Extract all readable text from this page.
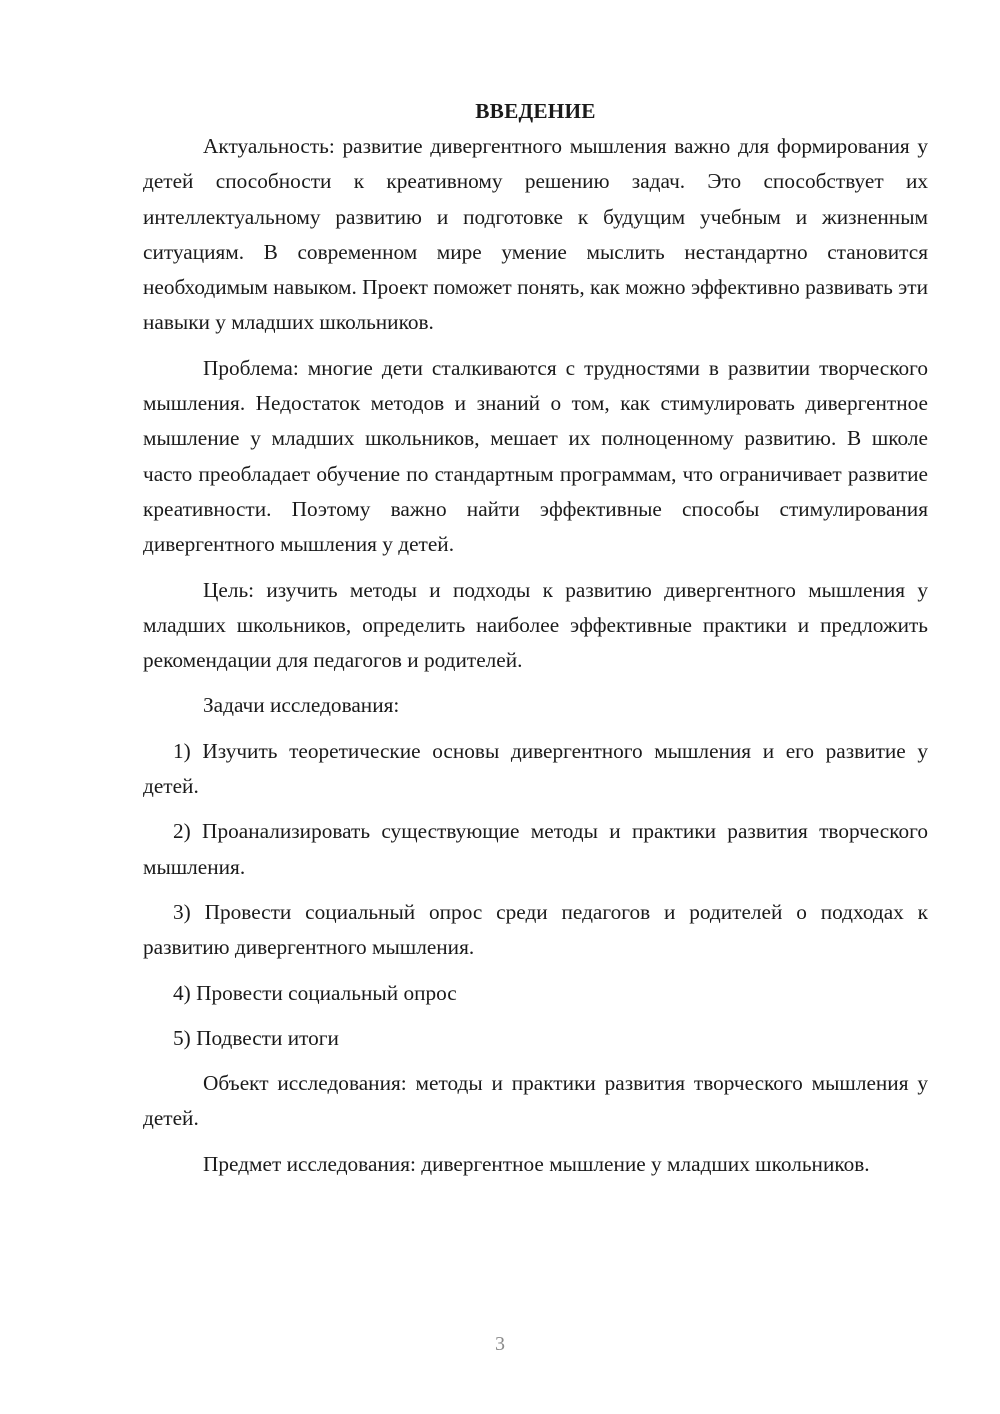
ВВЕДЕНИЕ

Актуальность: развитие дивергентного мышления важно для формирования у детей способности к креативному решению задач. Это способствует их интеллектуальному развитию и подготовке к будущим учебным и жизненным ситуациям. В современном мире умение мыслить нестандартно становится необходимым навыком. Проект поможет понять, как можно эффективно развивать эти навыки у младших школьников.

Проблема: многие дети сталкиваются с трудностями в развитии творческого мышления. Недостаток методов и знаний о том, как стимулировать дивергентное мышление у младших школьников, мешает их полноценному развитию. В школе часто преобладает обучение по стандартным программам, что ограничивает развитие креативности. Поэтому важно найти эффективные способы стимулирования дивергентного мышления у детей.

Цель: изучить методы и подходы к развитию дивергентного мышления у младших школьников, определить наиболее эффективные практики и предложить рекомендации для педагогов и родителей.

Задачи исследования:

1) Изучить теоретические основы дивергентного мышления и его развитие у детей.

2) Проанализировать существующие методы и практики развития творческого мышления.

3) Провести социальный опрос среди педагогов и родителей о подходах к развитию дивергентного мышления.

4) Провести социальный опрос

5) Подвести итоги

Объект исследования: методы и практики развития творческого мышления у детей.

Предмет исследования: дивергентное мышление у младших школьников.

3
